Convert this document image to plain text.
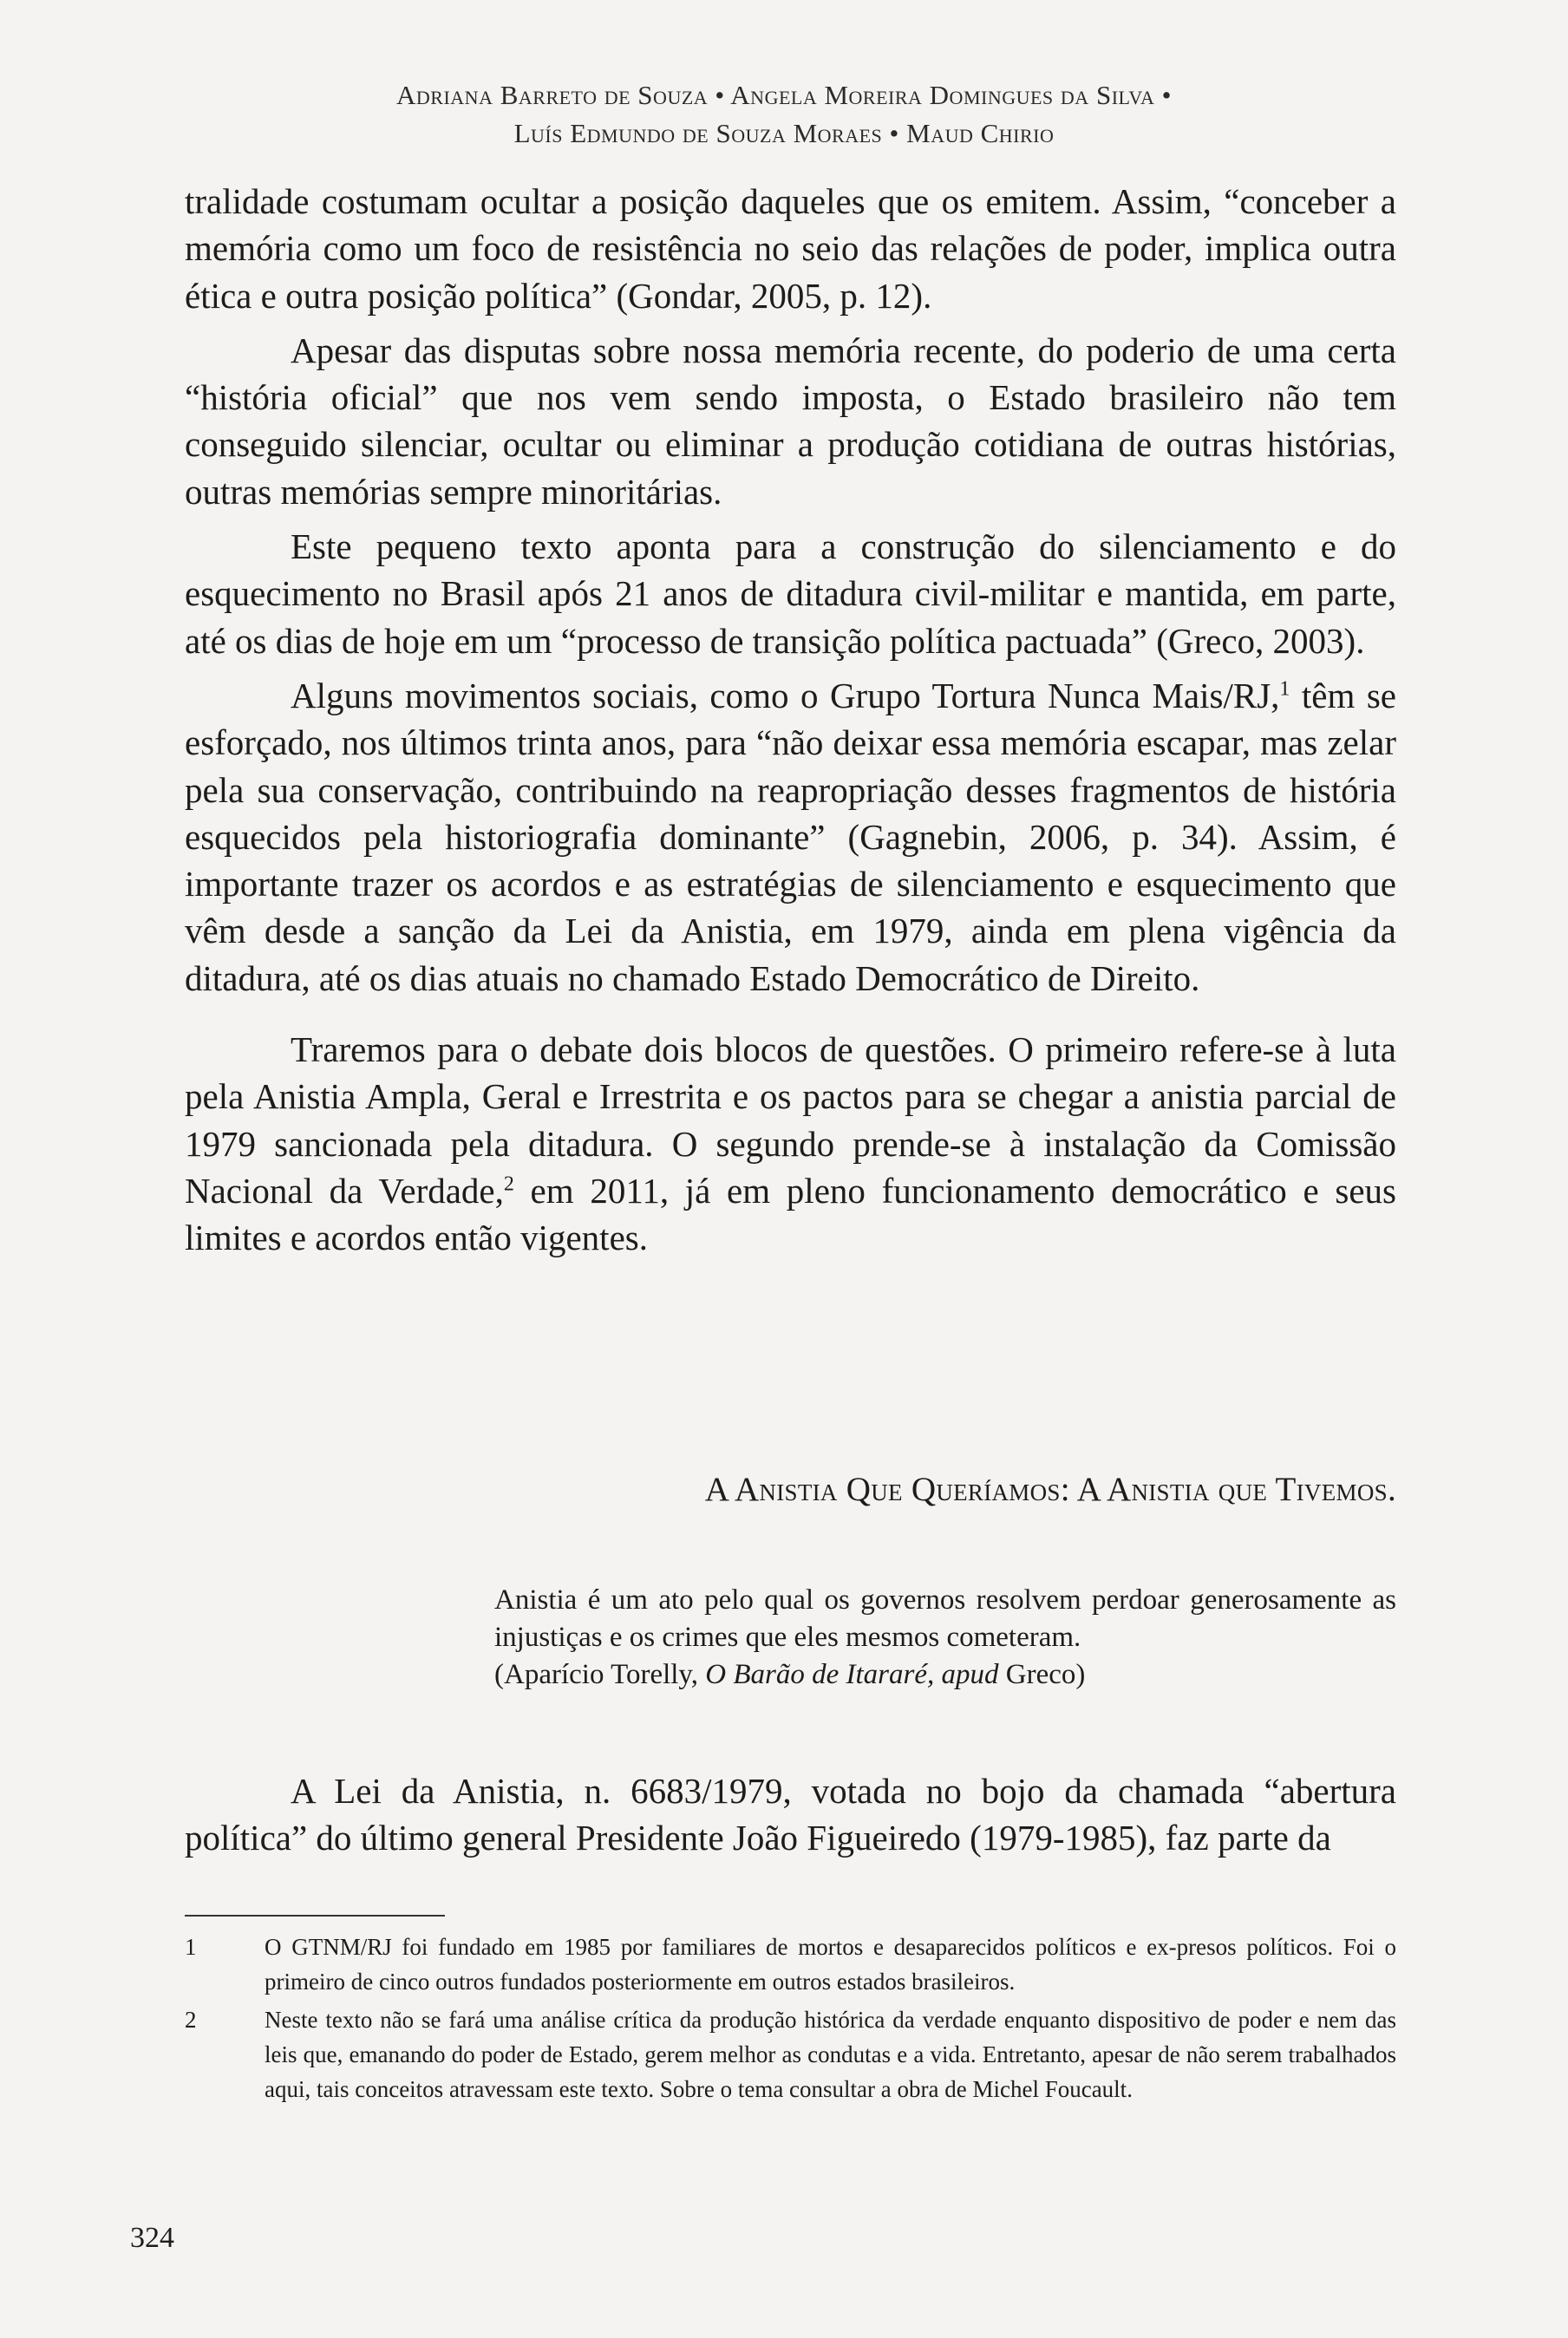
Adriana Barreto de Souza • Angela Moreira Domingues da Silva •
Luís Edmundo de Souza Moraes • Maud Chirio

tralidade costumam ocultar a posição daqueles que os emitem. Assim, “conceber a memória como um foco de resistência no seio das relações de poder, implica outra ética e outra posição política” (Gondar, 2005, p. 12).

Apesar das disputas sobre nossa memória recente, do poderio de uma certa “história oficial” que nos vem sendo imposta, o Estado brasileiro não tem conseguido silenciar, ocultar ou eliminar a produção cotidiana de outras histórias, outras memórias sempre minoritárias.

Este pequeno texto aponta para a construção do silenciamento e do esquecimento no Brasil após 21 anos de ditadura civil-militar e mantida, em parte, até os dias de hoje em um “processo de transição política pactuada” (Greco, 2003).

Alguns movimentos sociais, como o Grupo Tortura Nunca Mais/RJ,$^1$ têm se esforçado, nos últimos trinta anos, para “não deixar essa memória escapar, mas zelar pela sua conservação, contribuindo na reapropriação desses fragmentos de história esquecidos pela historiografia dominante” (Gagnebin, 2006, p. 34). Assim, é importante trazer os acordos e as estratégias de silenciamento e esquecimento que vêm desde a sanção da Lei da Anistia, em 1979, ainda em plena vigência da ditadura, até os dias atuais no chamado Estado Democrático de Direito.

Traremos para o debate dois blocos de questões. O primeiro refere-se à luta pela Anistia Ampla, Geral e Irrestrita e os pactos para se chegar a anistia parcial de 1979 sancionada pela ditadura. O segundo prende-se à instalação da Comissão Nacional da Verdade,$^2$ em 2011, já em pleno funcionamento democrático e seus limites e acordos então vigentes.

A Anistia Que Queríamos: A Anistia que Tivemos.
Anistia é um ato pelo qual os governos resolvem perdoar generosamente as injustiças e os crimes que eles mesmos cometeram.
(Aparício Torelly, O Barão de Itararé, apud Greco)

A Lei da Anistia, n. 6683/1979, votada no bojo da chamada “abertura política” do último general Presidente João Figueiredo (1979-1985), faz parte da

1	O GTNM/RJ foi fundado em 1985 por familiares de mortos e desaparecidos políticos e ex-presos políticos. Foi o primeiro de cinco outros fundados posteriormente em outros estados brasileiros.
2	Neste texto não se fará uma análise crítica da produção histórica da verdade enquanto dispositivo de poder e nem das leis que, emanando do poder de Estado, gerem melhor as condutas e a vida. Entretanto, apesar de não serem trabalhados aqui, tais conceitos atravessam este texto. Sobre o tema consultar a obra de Michel Foucault.
324
